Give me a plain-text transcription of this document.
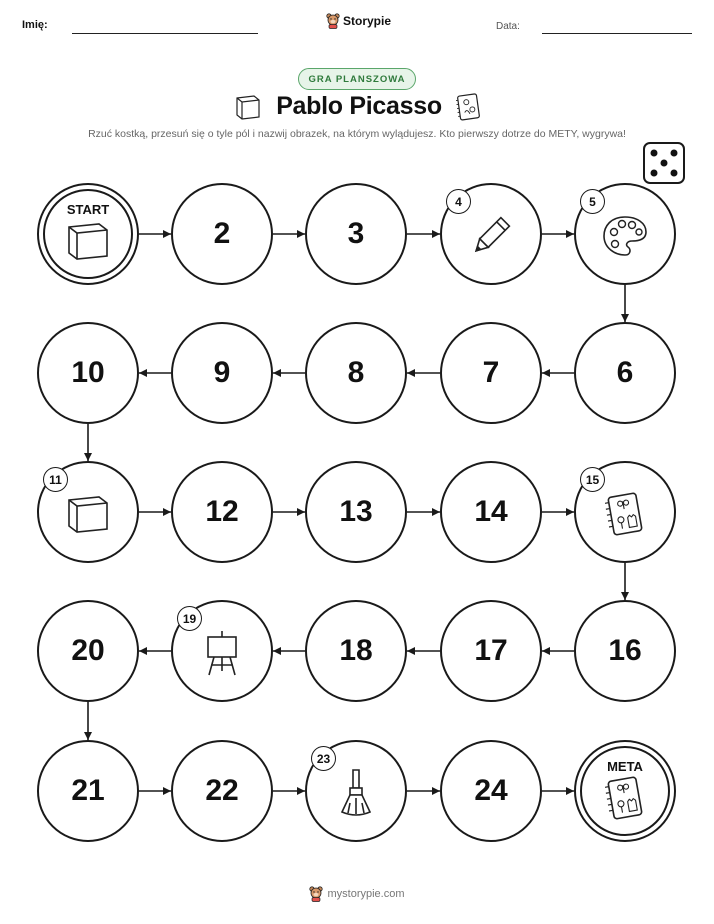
Imię:	Storypie	Data:
GRA PLANSZOWA
Pablo Picasso

Rzuć kostką, przesuń się o tyle pól i nazwij obrazek, na którym wylądujesz. Kto pierwszy dotrze do METY, wygrywa!

START
2	3
4	5
6
7
8
9
10
11
12	13	14
15
16
17
18
19
20
21	22
23
24
META
mystorypie.com
